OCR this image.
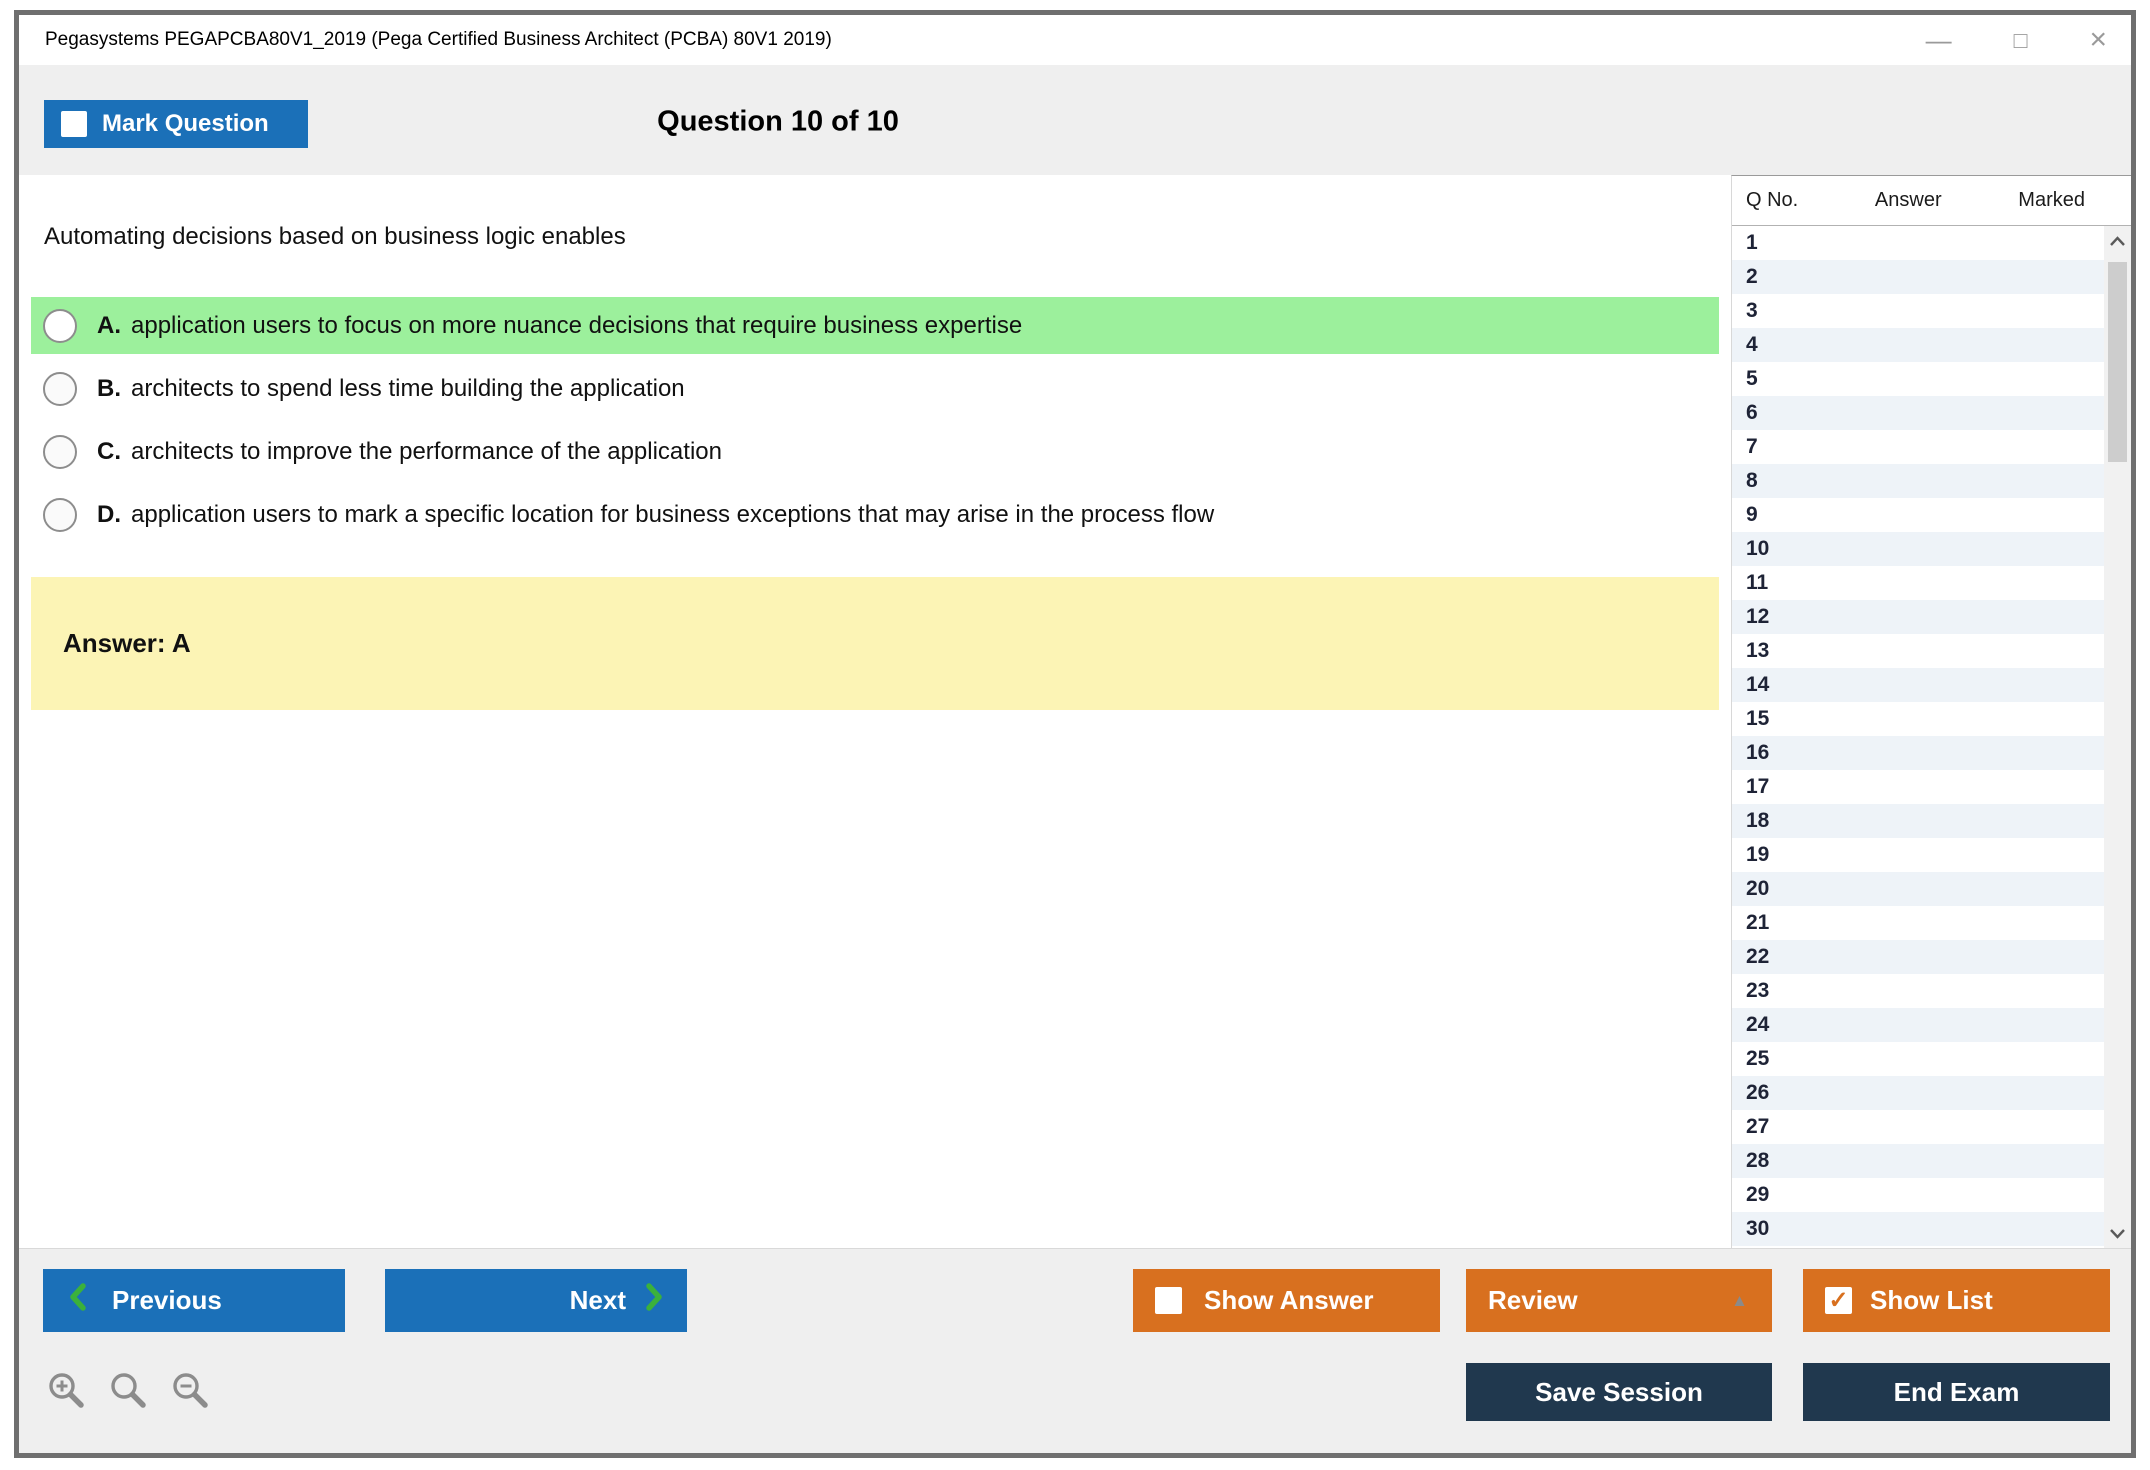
Pegasystems PEGAPCBA80V1_2019 (Pega Certified Business Architect (PCBA) 80V1 2019)	—	□ ×
Mark Question	Question 10 of 10
Automating decisions based on business logic enables
A. application users to focus on more nuance decisions that require business expertise
B. architects to spend less time building the application
C. architects to improve the performance of the application
D. application users to mark a specific location for business exceptions that may arise in the process flow
Answer: A
Q No.	Answer	Marked
1
2
3
4
5
6
7
8
9
10
11
12
13
14
15
16
17
18
19
20
21
22
23
24
25
26
27
28
29
30
Previous	Next	Show Answer	Review	▲	✓ Show List
Save Session	End Exam
